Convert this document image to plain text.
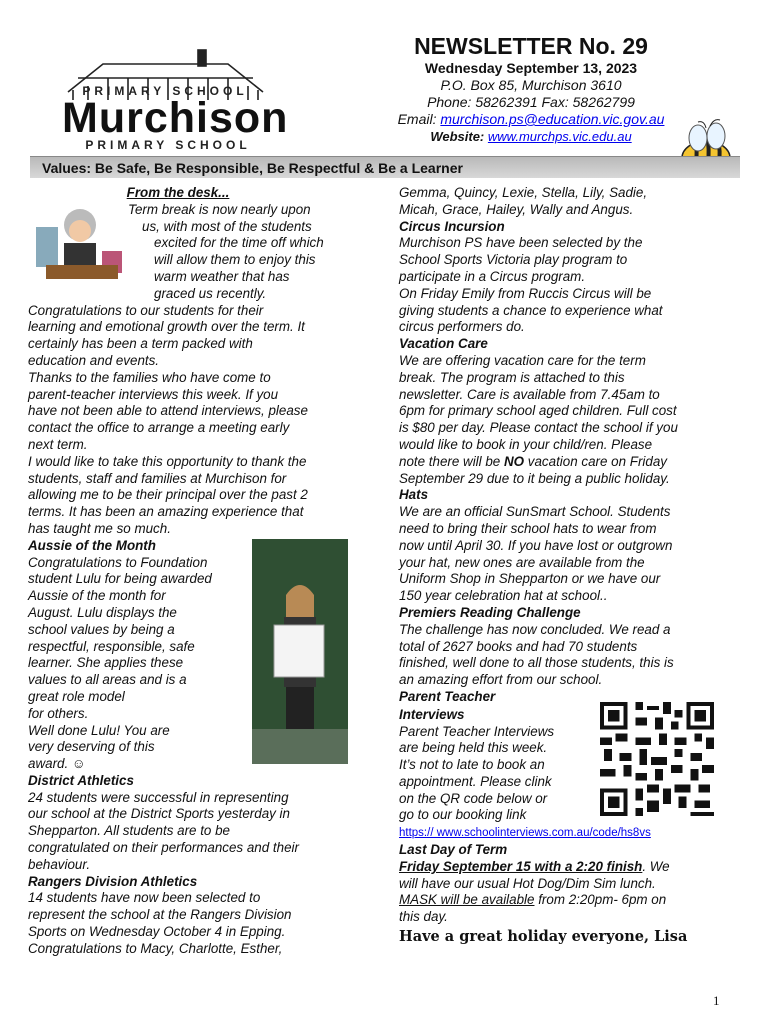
PRIMARY SCHOOL
Murchison
PRIMARY SCHOOL
NEWSLETTER No. 29
Wednesday September 13, 2023
P.O. Box 85, Murchison 3610
Phone: 58262391 Fax: 58262799
Email: murchison.ps@education.vic.gov.au
Website: www.murchps.vic.edu.au
Values: Be Safe, Be Responsible, Be Respectful & Be a Learner

From the desk...

Term break is now nearly upon

us, with most of the students

excited for the time off which

will allow them to enjoy this

warm weather that has

graced us recently.

Congratulations to our students for their

learning and emotional growth over the term. It

certainly has been a term packed with

education and events.

Thanks to the families who have come to

parent-teacher interviews this week. If you

have not been able to attend interviews, please

contact the office to arrange a meeting early

next term.

I would like to take this opportunity to thank the

students, staff and families at Murchison for

allowing me to be their principal over the past 2

terms. It has been an amazing experience that

has taught me so much.

Aussie of the Month

Congratulations to Foundation

student Lulu for being awarded

Aussie of the month for

August. Lulu displays the

school values by being a

respectful, responsible, safe

learner. She applies these

values to all areas and is a

great role model

for others.

Well done Lulu! You are

very deserving of this

award. ☺

District Athletics

24 students were successful in representing

our school at the District Sports yesterday in

Shepparton. All students are to be

congratulated on their performances and their

behaviour.

Rangers Division Athletics

14 students have now been selected to

represent the school at the Rangers Division

Sports on Wednesday October 4 in Epping.

Congratulations to Macy, Charlotte, Esther,

Gemma, Quincy, Lexie, Stella, Lily, Sadie,

Micah, Grace, Hailey, Wally and Angus.

Circus Incursion

Murchison PS have been selected by the

School Sports Victoria play program to

participate in a Circus program.

On Friday Emily from Ruccis Circus will be

giving students a chance to experience what

circus performers do.

Vacation Care

We are offering vacation care for the term

break. The program is attached to this

newsletter. Care is available from 7.45am to

6pm for primary school aged children. Full cost

is $80 per day. Please contact the school if you

would like to book in your child/ren. Please

note there will be NO vacation care on Friday

September 29 due to it being a public holiday.

Hats

We are an official SunSmart School. Students

need to bring their school hats to wear from

now until April 30. If you have lost or outgrown

your hat, new ones are available from the

Uniform Shop in Shepparton or we have our

150 year celebration hat at school..

Premiers Reading Challenge

The challenge has now concluded. We read a

total of 2627 books and had 70 students

finished, well done to all those students, this is

an amazing effort from our school.

Parent Teacher

Interviews

Parent Teacher Interviews

are being held this week.

It’s not to late to book an

appointment. Please clink

on the QR code below or

go to our booking link

https:// www.schoolinterviews.com.au/code/hs8vs

Last Day of Term

Friday September 15 with a 2:20 finish. We

will have our usual Hot Dog/Dim Sim lunch.

MASK will be available from 2:20pm- 6pm on

this day.

Have a great holiday everyone, Lisa
1
